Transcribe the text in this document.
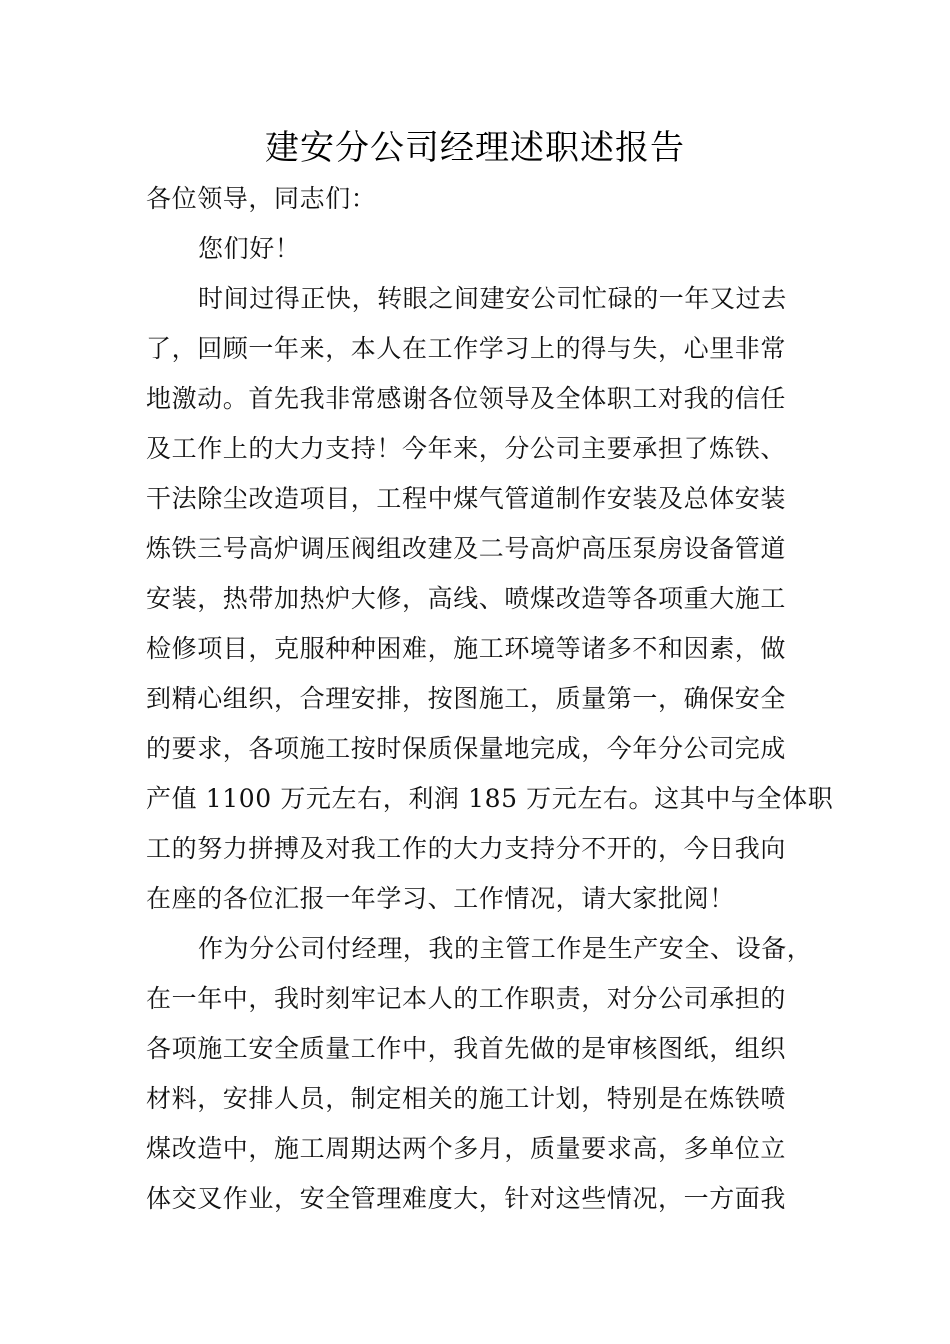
建安分公司经理述职述报告
各位领导，同志们：
您们好！
时间过得正快，转眼之间建安公司忙碌的一年又过去
了，回顾一年来，本人在工作学习上的得与失，心里非常
地激动。首先我非常感谢各位领导及全体职工对我的信任
及工作上的大力支持！今年来，分公司主要承担了炼铁、
干法除尘改造项目，工程中煤气管道制作安装及总体安装
炼铁三号高炉调压阀组改建及二号高炉高压泵房设备管道
安装，热带加热炉大修，高线、喷煤改造等各项重大施工
检修项目，克服种种困难，施工环境等诸多不和因素，做
到精心组织，合理安排，按图施工，质量第一，确保安全
的要求，各项施工按时保质保量地完成，今年分公司完成
产值 1100 万元左右，利润 185 万元左右。这其中与全体职
工的努力拼搏及对我工作的大力支持分不开的，今日我向
在座的各位汇报一年学习、工作情况，请大家批阅！
作为分公司付经理，我的主管工作是生产安全、设备，
在一年中，我时刻牢记本人的工作职责，对分公司承担的
各项施工安全质量工作中，我首先做的是审核图纸，组织
材料，安排人员，制定相关的施工计划，特别是在炼铁喷
煤改造中，施工周期达两个多月，质量要求高，多单位立
体交叉作业，安全管理难度大，针对这些情况，一方面我
